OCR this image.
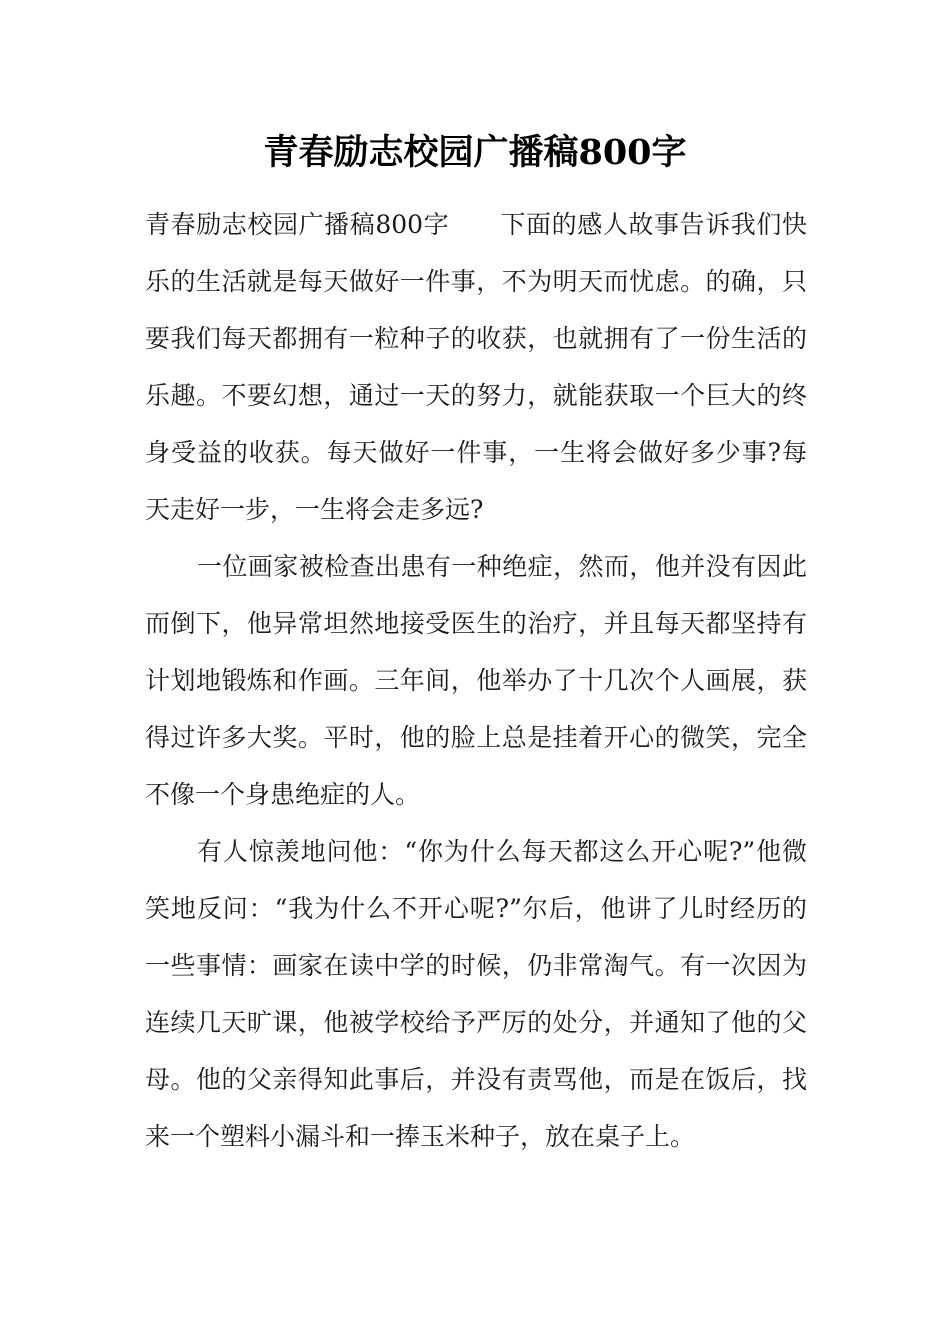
青春励志校园广播稿800字

青春励志校园广播稿800字　　下面的感人故事告诉我们快乐的生活就是每天做好一件事，不为明天而忧虑。的确，只要我们每天都拥有一粒种子的收获，也就拥有了一份生活的乐趣。不要幻想，通过一天的努力，就能获取一个巨大的终身受益的收获。每天做好一件事，一生将会做好多少事?每天走好一步，一生将会走多远?

一位画家被检查出患有一种绝症，然而，他并没有因此而倒下，他异常坦然地接受医生的治疗，并且每天都坚持有计划地锻炼和作画。三年间，他举办了十几次个人画展，获得过许多大奖。平时，他的脸上总是挂着开心的微笑，完全不像一个身患绝症的人。

有人惊羡地问他：“你为什么每天都这么开心呢?”他微笑地反问：“我为什么不开心呢?”尔后，他讲了儿时经历的一些事情：画家在读中学的时候，仍非常淘气。有一次因为连续几天旷课，他被学校给予严厉的处分，并通知了他的父母。他的父亲得知此事后，并没有责骂他，而是在饭后，找来一个塑料小漏斗和一捧玉米种子，放在桌子上。
